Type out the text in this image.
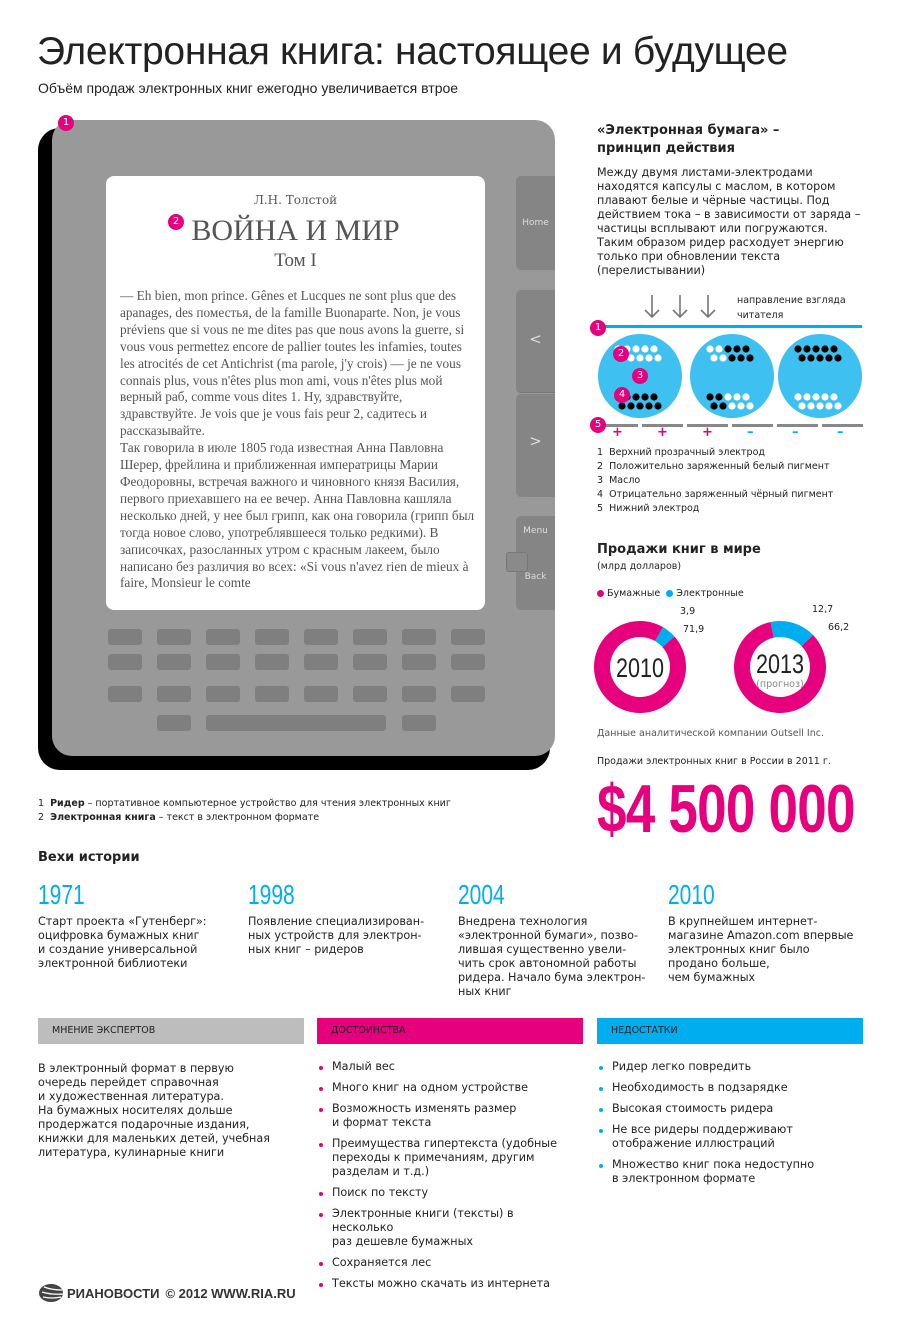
Электронная книга: настоящее и будущее
Объём продаж электронных книг ежегодно увеличивается втрое
1
Л.Н. Толстой
ВОЙНА И МИР
2
Том I
— Eh bien, mon prince. Gênes et Lucques ne sont plus que des apanages, des поместья, de la famille Buonaparte. Non, je vous préviens que si vous ne me dites pas que nous avons la guerre, si vous vous permettez encore de pallier toutes les infamies, toutes les atrocités de cet Antichrist (ma parole, j'y crois) — je ne vous connais plus, vous n'êtes plus mon ami, vous n'êtes plus мой верный раб, comme vous dites 1. Ну, здравствуйте, здравствуйте. Je vois que je vous fais peur 2, садитесь и рассказывайте.
Так говорила в июле 1805 года известная Анна Павловна Шерер, фрейлина и приближенная императрицы Марии Феодоровны, встречая важного и чиновного князя Василия, первого приехавшего на ее вечер. Анна Павловна кашляла несколько дней, у нее был грипп, как она говорила (грипп был тогда новое слово, употреблявшееся только редкими). В записочках, разосланных утром с красным лакеем, было написано без различия во всех: «Si vous n'avez rien de mieux à faire, Monsieur le comte
Home
<
>
Menu
Back
1 Ридер – портативное компьютерное устройство для чтения электронных книг
2 Электронная книга – текст в электронном формате
«Электронная бумага» –
принцип действия
Между двумя листами-электродами находятся капсулы с маслом, в котором плавают белые и чёрные частицы. Под действием тока – в зависимости от заряда – частицы всплывают или погружаются. Таким образом ридер расходует энергию только при обновлении текста (перелистывании)
направление взгляда
читателя
1
2
3
4
5
+	+	+	–	–	–
1  Верхний прозрачный электрод
2  Положительно заряженный белый пигмент
3  Масло
4  Отрицательно заряженный чёрный пигмент
5  Нижний электрод
Продажи книг в мире
(млрд долларов)
Бумажные Электронные
2010
3,9
71,9
2013
(прогноз)
12,7
66,2
Данные аналитической компании Outsell Inc.
Продажи электронных книг в России в 2011 г.
$4 500 000
Вехи истории
1971

Старт проекта «Гутенберг»:
оцифровка бумажных книг
и создание универсальной
электронной библиотеки

1998

Появление специализирован-
ных устройств для электрон-
ных книг – ридеров

2004

Внедрена технология
«электронной бумаги», позво-
лившая существенно увели-
чить срок автономной работы
ридера. Начало бума электрон-
ных книг

2010

В крупнейшем интернет-
магазине Amazon.com впервые
электронных книг было
продано больше,
чем бумажных

МНЕНИЕ ЭКСПЕРТОВ	ДОСТОИНСТВА	НЕДОСТАТКИ
В электронный формат в первую
очередь перейдет справочная
и художественная литература.
На бумажных носителях дольше
продержатся подарочные издания,
книжки для маленьких детей, учебная
литература, кулинарные книги
Малый вес
Много книг на одном устройстве
Возможность изменять размер
и формат текста
Преимущества гипертекста (удобные
переходы к примечаниям, другим
разделам и т.д.)
Поиск по тексту
Электронные книги (тексты) в несколько
раз дешевле бумажных
Сохраняется лес
Тексты можно скачать из интернета
Ридер легко повредить
Необходимость в подзарядке
Высокая стоимость ридера
Не все ридеры поддерживают
отображение иллюстраций
Множество книг пока недоступно
в электронном формате
РИАНОВОСТИ © 2012 WWW.RIA.RU
